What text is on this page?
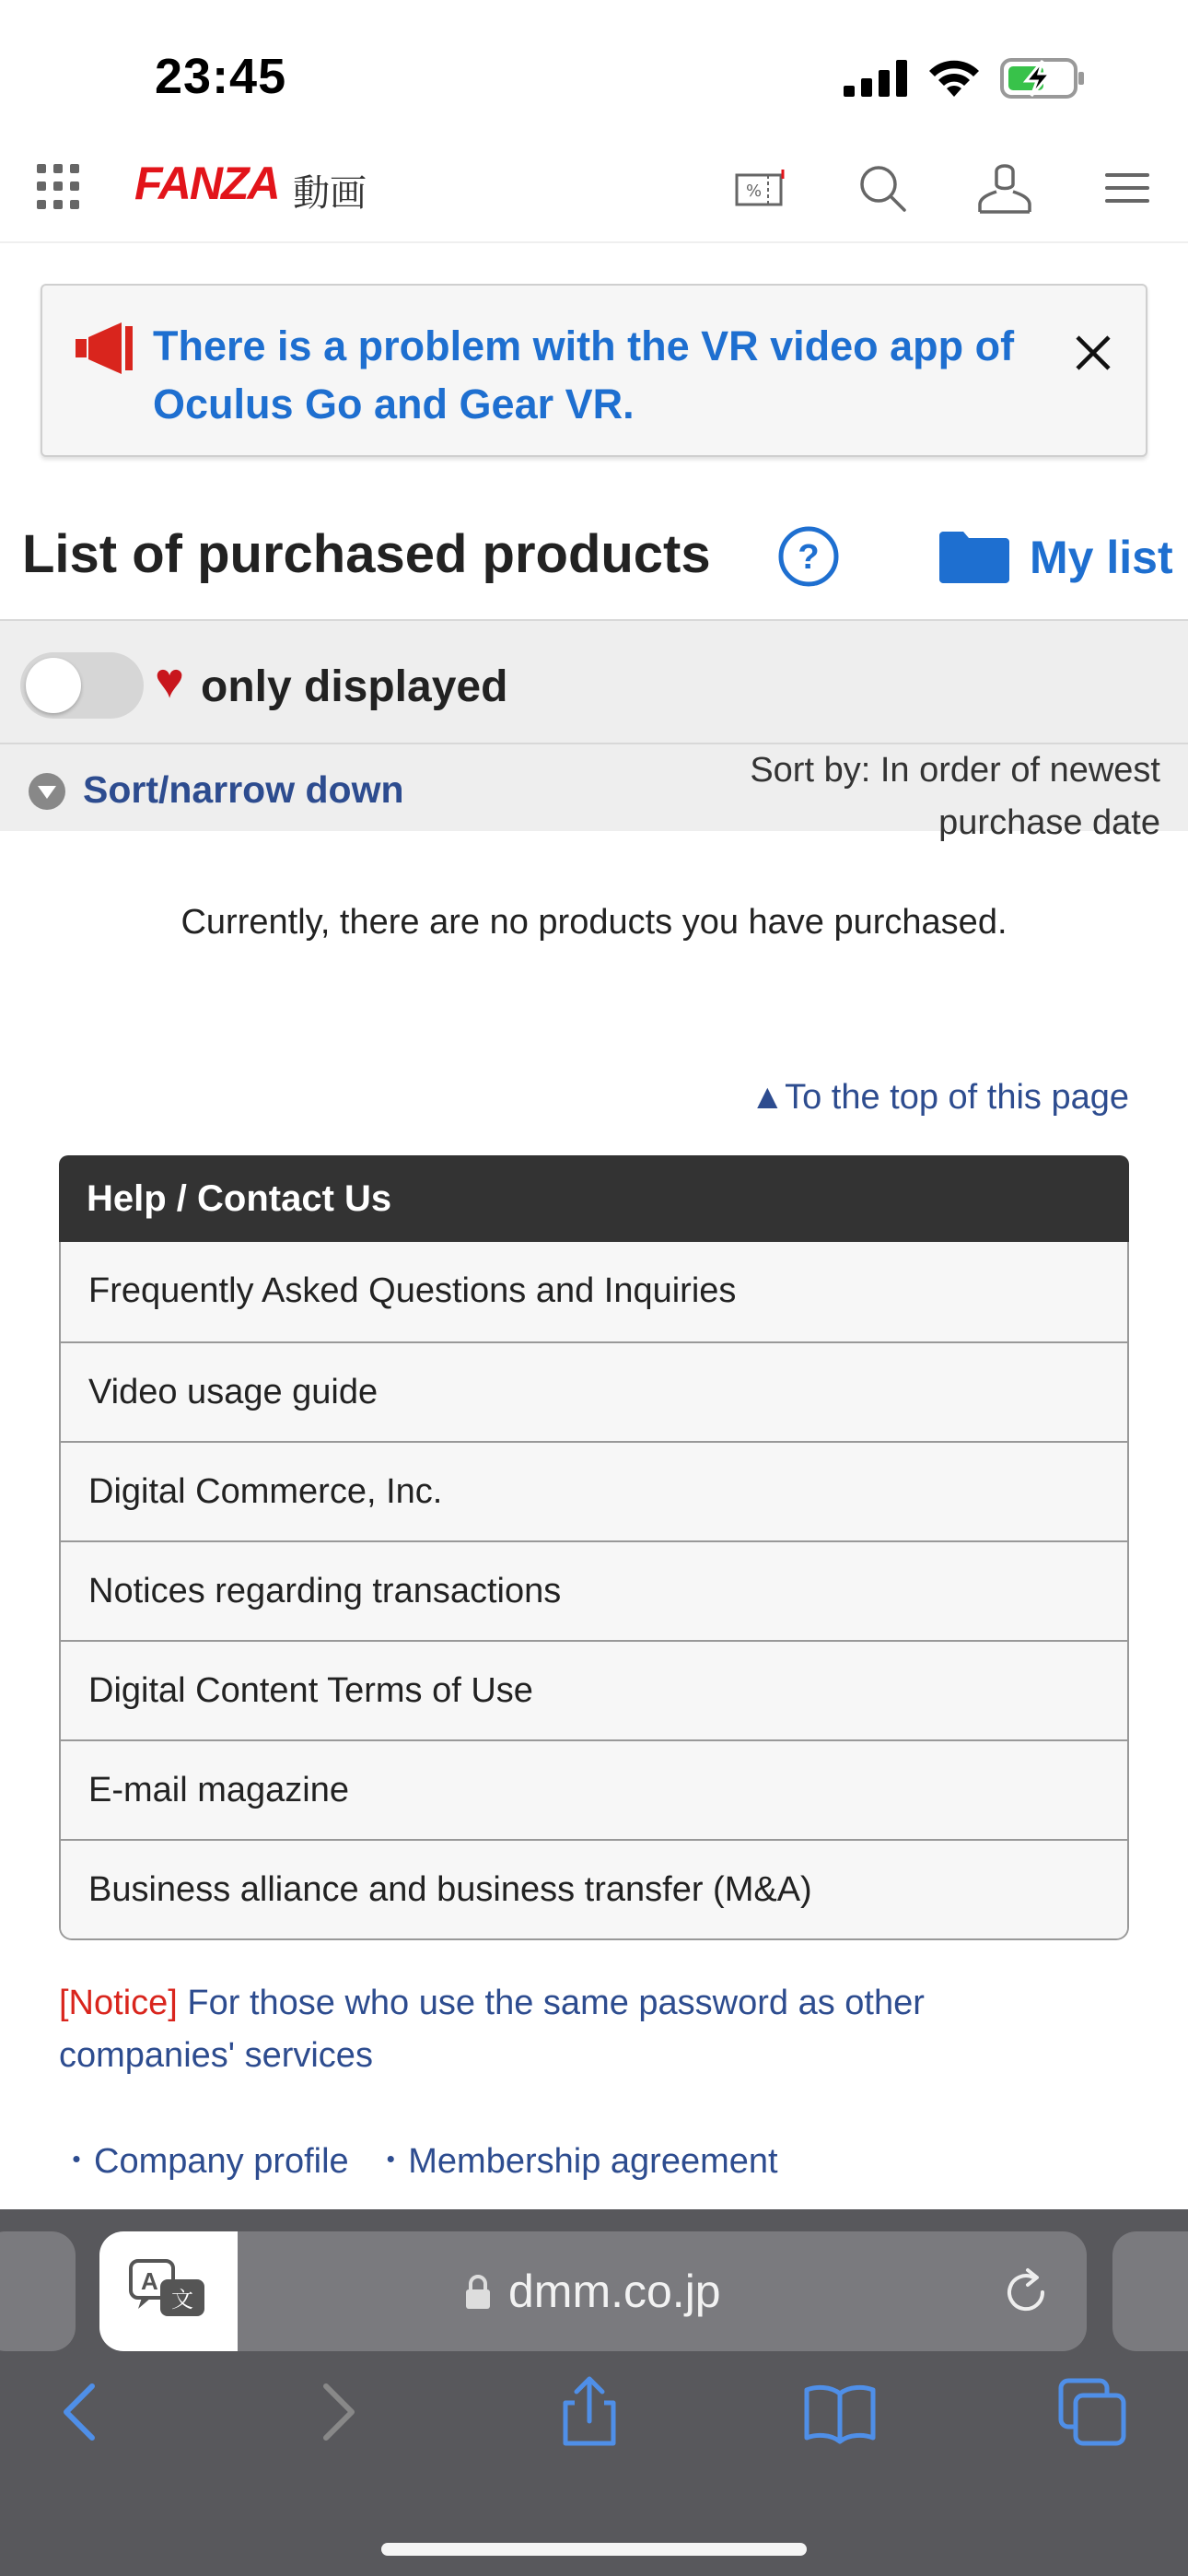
23:45
FANZA 動画	%
There is a problem with the VR video app of Oculus Go and Gear VR.
List of purchased products ?	My list
♥ only displayed
Sort/narrow down	Sort by: In order of newest
purchase date
Currently, there are no products you have purchased.
▲To the top of this page
Help / Contact Us
Frequently Asked Questions and Inquiries
Video usage guide
Digital Commerce, Inc.
Notices regarding transactions
Digital Content Terms of Use
E-mail magazine
Business alliance and business transfer (M&A)
[Notice] For those who use the same password as other companies' services
・Company profile ・Membership agreement
A
文	dmm.co.jp
